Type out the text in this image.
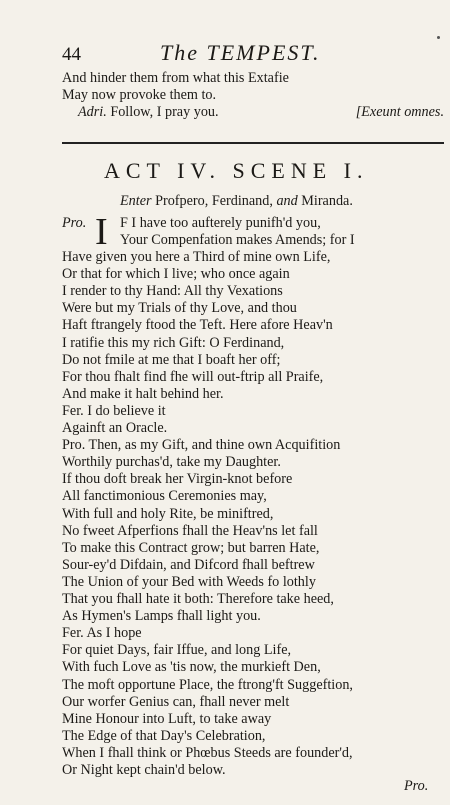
44	The TEMPEST.
And hinder them from what this Extafie
May now provoke them to.
Adri. Follow, I pray you.	[Exeunt omnes.
ACT IV. SCENE I.
Enter Profpero, Ferdinand, and Miranda.
Pro. I F I have too aufterely punifh'd you,
Your Compenfation makes Amends; for I
Have given you here a Third of mine own Life,
Or that for which I live; who once again
I render to thy Hand: All thy Vexations
Were but my Trials of thy Love, and thou
Haft ftrangely ftood the Teft. Here afore Heav'n
I ratifie this my rich Gift: O Ferdinand,
Do not fmile at me that I boaft her off;
For thou fhalt find fhe will out-ftrip all Praife,
And make it halt behind her.
Fer. I do believe it
Againft an Oracle.
Pro. Then, as my Gift, and thine own Acquifition
Worthily purchas'd, take my Daughter.
If thou doft break her Virgin-knot before
All fanctimonious Ceremonies may,
With full and holy Rite, be miniftred,
No fweet Afperfions fhall the Heav'ns let fall
To make this Contract grow; but barren Hate,
Sour-ey'd Difdain, and Difcord fhall beftrew
The Union of your Bed with Weeds fo lothly
That you fhall hate it both: Therefore take heed,
As Hymen's Lamps fhall light you.
Fer. As I hope
For quiet Days, fair Iffue, and long Life,
With fuch Love as 'tis now, the murkieft Den,
The moft opportune Place, the ftrong'ft Suggeftion,
Our worfer Genius can, fhall never melt
Mine Honour into Luft, to take away
The Edge of that Day's Celebration,
When I fhall think or Phœbus Steeds are founder'd,
Or Night kept chain'd below.
Pro.
